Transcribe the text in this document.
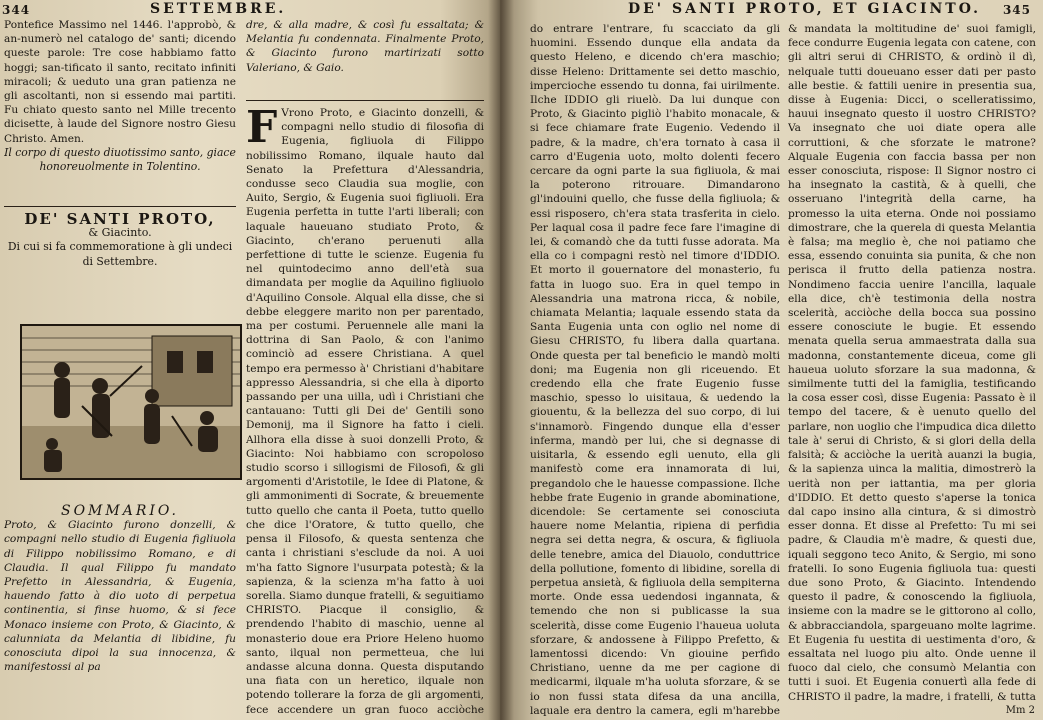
344	SETTEMBRE.

Pontefice Massimo nel 1446. l'approbò, & an-numerò nel catalogo de' santi; dicendo queste parole: Tre cose habbiamo fatto hoggi; san-tificato il santo, recitato infiniti miracoli; & ueduto una gran patienza ne gli ascoltanti, non si essendo mai partiti. Fu chiato questo santo nel Mille trecento dicisette, à laude del Signore nostro Giesu Christo. Amen.

Il corpo di questo diuotissimo santo, giace honoreuolmente in Tolentino.

DE' SANTI PROTO,

& Giacinto.

Di cui si fa commemoratione à gli undeci di Settembre.

SOMMARIO.

Proto, & Giacinto furono donzelli, & compagni nello studio di Eugenia figliuola di Filippo nobilissimo Romano, e di Claudia. Il qual Filippo fu mandato Prefetto in Alessandria, & Eugenia, hauendo fatto à dio uoto di perpetua continentia, si finse huomo, & si fece Monaco insieme con Proto, & Giacinto, & calunniata da Melantia di libidine, fu conosciuta dipoi la sua innocenza, & manifestossi al pa

dre, & alla madre, & così fu essaltata; & Melantia fu condennata. Finalmente Proto, & Giacinto furono martirizati sotto Valeriano, & Gaio.

F Vrono Proto, e Giacinto donzelli, & compagni nello studio di filosofia di Eugenia, figliuola di Filippo nobilissimo Romano, ilquale hauto dal Senato la Prefettura d'Alessandria, condusse seco Claudia sua moglie, con Auito, Sergio, & Eugenia suoi figliuoli. Era Eugenia perfetta in tutte l'arti liberali; con laquale haueuano studiato Proto, & Giacinto, ch'erano peruenuti alla perfettione di tutte le scienze. Eugenia fu nel quintodecimo anno dell'età sua dimandata per moglie da Aquilino figliuolo d'Aquilino Console. Alqual ella disse, che si debbe eleggere marito non per parentado, ma per costumi. Peruennele alle mani la dottrina di San Paolo, & con l'animo cominciò ad essere Christiana. A quel tempo era permesso à' Christiani d'habitare appresso Alessandria, si che ella à diporto passando per una uilla, udì i Christiani che cantauano: Tutti gli Dei de' Gentili sono Demonij, ma il Signore ha fatto i cieli. Allhora ella disse à suoi donzelli Proto, & Giacinto: Noi habbiamo con scropoloso studio scorso i sillogismi de Filosofi, & gli argomenti d'Aristotile, le Idee di Platone, & gli ammonimenti di Socrate, & breuemente tutto quello che canta il Poeta, tutto quello che dice l'Oratore, & tutto quello, che pensa il Filosofo, & questa sentenza che canta i christiani s'esclude da noi. A uoi m'ha fatto Signore l'usurpata potestà; & la sapienza, & la scienza m'ha fatto à uoi sorella. Siamo dunque fratelli, & seguitiamo CHRISTO. Piacque il consiglio, & prendendo l'habito di maschio, uenne al monasterio doue era Priore Heleno huomo santo, ilqual non permetteua, che lui andasse alcuna donna. Questa disputando una fiata con un heretico, ilquale non potendo tollerare la forza de gli argomenti, fece accendere un gran fuoco acciòche

DE' SANTI PROTO, ET GIACINTO. 345

do entrare l'entrare, fu scacciato da gli huomini. Essendo dunque ella andata da questo Heleno, e dicendo ch'era maschio; disse Heleno: Drittamente sei detto maschio, impercioche essendo tu donna, fai uirilmente. Ilche IDDIO gli riuelò. Da lui dunque con Proto, & Giacinto pigliò l'habito monacale, & si fece chiamare frate Eugenio. Vedendo il padre, & la madre, ch'era tornato à casa il carro d'Eugenia uoto, molto dolenti fecero cercare da ogni parte la sua figliuola, & mai la poterono ritrouare. Dimandarono gl'indouini quello, che fusse della figliuola; & essi risposero, ch'era stata trasferita in cielo. Per laqual cosa il padre fece fare l'imagine di lei, & comandò che da tutti fusse adorata. Ma ella co i compagni restò nel timore d'IDDIO. Et morto il gouernatore del monasterio, fu fatta in luogo suo. Era in quel tempo in Alessandria una matrona ricca, & nobile, chiamata Melantia; laquale essendo stata da Santa Eugenia unta con oglio nel nome di Giesu CHRISTO, fu libera dalla quartana. Onde questa per tal beneficio le mandò molti doni; ma Eugenia non gli riceuendo. Et credendo ella che frate Eugenio fusse maschio, spesso lo uisitaua, & uedendo la giouentu, & la bellezza del suo corpo, di lui s'innamorò. Fingendo dunque ella d'esser inferma, mandò per lui, che si degnasse di uisitarla, & essendo egli uenuto, ella gli manifestò come era innamorata di lui, pregandolo che le hauesse compassione. Ilche hebbe frate Eugenio in grande abominatione, dicendole: Se certamente sei conosciuta hauere nome Melantia, ripiena di perfidia negra sei detta negra, & oscura, & figliuola delle tenebre, amica del Diauolo, conduttrice della pollutione, fomento di libidine, sorella di perpetua ansietà, & figliuola della sempiterna morte. Onde essa uedendosi ingannata, & temendo che non si publicasse la sua scelerità, disse come Eugenio l'haueua uoluta sforzare, & andossene à Filippo Prefetto, & lamentossi dicendo: Vn giouine perfido Christiano, uenne da me per cagione di medicarmi, ilquale m'ha uoluta sforzare, & se io non fussi stata difesa da una ancilla, laquale era dentro la camera, egli m'harebbe

& mandata la moltitudine de' suoi famigli, fece condurre Eugenia legata con catene, con gli altri serui di CHRISTO, & ordinò il dì, nelquale tutti doueuano esser dati per pasto alle bestie. & fattili uenire in presentia sua, disse à Eugenia: Dicci, o scelleratissimo, hauui insegnato questo il uostro CHRISTO? Va insegnato che uoi diate opera alle corruttioni, & che sforzate le matrone? Alquale Eugenia con faccia bassa per non esser conosciuta, rispose: Il Signor nostro ci ha insegnato la castità, & à quelli, che osseruano l'integrità della carne, ha promesso la uita eterna. Onde noi possiamo dimostrare, che la querela di questa Melantia è falsa; ma meglio è, che noi patiamo che essa, essendo conuinta sia punita, & che non perisca il frutto della patienza nostra. Nondimeno faccia uenire l'ancilla, laquale ella dice, ch'è testimonia della nostra scelerità, acciòche della bocca sua possino essere conosciute le bugie. Et essendo menata quella serua ammaestrata dalla sua madonna, constantemente diceua, come gli haueua uoluto sforzare la sua madonna, & similmente tutti del la famiglia, testificando la cosa esser così, disse Eugenia: Passato è il tempo del tacere, & è uenuto quello del parlare, non uoglio che l'impudica dica diletto tale à' serui di Christo, & si glori della della falsità; & acciòche la uerità auanzi la bugia, & la sapienza uinca la malitia, dimostrerò la uerità non per iattantia, ma per gloria d'IDDIO. Et detto questo s'aperse la tonica dal capo insino alla cintura, & si dimostrò esser donna. Et disse al Prefetto: Tu mi sei padre, & Claudia m'è madre, & questi due, iquali seggono teco Anito, & Sergio, mi sono fratelli. Io sono Eugenia figliuola tua: questi due sono Proto, & Giacinto. Intendendo questo il padre, & conoscendo la figliuola, insieme con la madre se le gittorono al collo, & abbracciandola, spargeuano molte lagrime. Et Eugenia fu uestita di uestimenta d'oro, & essaltata nel luogo piu alto. Onde uenne il fuoco dal cielo, che consumò Melantia con tutti i suoi. Et Eugenia conuertì alla fede di CHRISTO il padre, la madre, i fratelli, & tutta

Mm 2
